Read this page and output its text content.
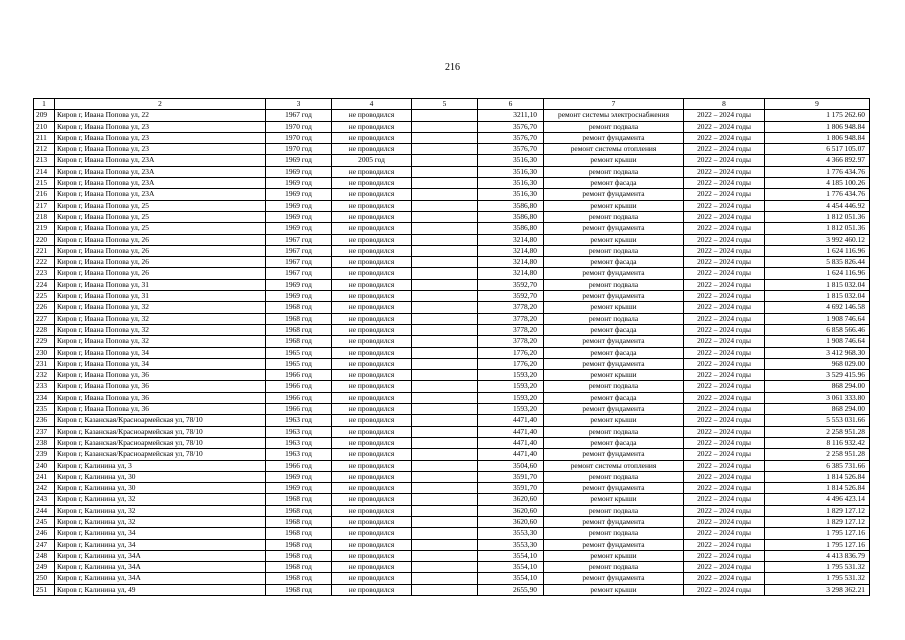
216
1	2	3	4	5	6	7	8	9
209	Киров г, Ивана Попова ул, 22	1967 год	не проводился		3211,10	ремонт системы электроснабжения	2022 – 2024 годы	1 175 262.60
210	Киров г, Ивана Попова ул, 23	1970 год	не проводился		3576,70	ремонт подвала	2022 – 2024 годы	1 806 948.84
211	Киров г, Ивана Попова ул, 23	1970 год	не проводился		3576,70	ремонт фундамента	2022 – 2024 годы	1 806 948.84
212	Киров г, Ивана Попова ул, 23	1970 год	не проводился		3576,70	ремонт системы отопления	2022 – 2024 годы	6 517 105.07
213	Киров г, Ивана Попова ул, 23А	1969 год	2005 год		3516,30	ремонт крыши	2022 – 2024 годы	4 366 892.97
214	Киров г, Ивана Попова ул, 23А	1969 год	не проводился		3516,30	ремонт подвала	2022 – 2024 годы	1 776 434.76
215	Киров г, Ивана Попова ул, 23А	1969 год	не проводился		3516,30	ремонт фасада	2022 – 2024 годы	4 185 100.26
216	Киров г, Ивана Попова ул, 23А	1969 год	не проводился		3516,30	ремонт фундамента	2022 – 2024 годы	1 776 434.76
217	Киров г, Ивана Попова ул, 25	1969 год	не проводился		3586,80	ремонт крыши	2022 – 2024 годы	4 454 446.92
218	Киров г, Ивана Попова ул, 25	1969 год	не проводился		3586,80	ремонт подвала	2022 – 2024 годы	1 812 051.36
219	Киров г, Ивана Попова ул, 25	1969 год	не проводился		3586,80	ремонт фундамента	2022 – 2024 годы	1 812 051.36
220	Киров г, Ивана Попова ул, 26	1967 год	не проводился		3214,80	ремонт крыши	2022 – 2024 годы	3 992 460.12
221	Киров г, Ивана Попова ул, 26	1967 год	не проводился		3214,80	ремонт подвала	2022 – 2024 годы	1 624 116.96
222	Киров г, Ивана Попова ул, 26	1967 год	не проводился		3214,80	ремонт фасада	2022 – 2024 годы	5 835 826.44
223	Киров г, Ивана Попова ул, 26	1967 год	не проводился		3214,80	ремонт фундамента	2022 – 2024 годы	1 624 116.96
224	Киров г, Ивана Попова ул, 31	1969 год	не проводился		3592,70	ремонт подвала	2022 – 2024 годы	1 815 032.04
225	Киров г, Ивана Попова ул, 31	1969 год	не проводился		3592,70	ремонт фундамента	2022 – 2024 годы	1 815 032.04
226	Киров г, Ивана Попова ул, 32	1968 год	не проводился		3778,20	ремонт крыши	2022 – 2024 годы	4 692 146.58
227	Киров г, Ивана Попова ул, 32	1968 год	не проводился		3778,20	ремонт подвала	2022 – 2024 годы	1 908 746.64
228	Киров г, Ивана Попова ул, 32	1968 год	не проводился		3778,20	ремонт фасада	2022 – 2024 годы	6 858 566.46
229	Киров г, Ивана Попова ул, 32	1968 год	не проводился		3778,20	ремонт фундамента	2022 – 2024 годы	1 908 746.64
230	Киров г, Ивана Попова ул, 34	1965 год	не проводился		1776,20	ремонт фасада	2022 – 2024 годы	3 412 968.30
231	Киров г, Ивана Попова ул, 34	1965 год	не проводился		1776,20	ремонт фундамента	2022 – 2024 годы	968 029.00
232	Киров г, Ивана Попова ул, 36	1966 год	не проводился		1593,20	ремонт крыши	2022 – 2024 годы	3 529 415.96
233	Киров г, Ивана Попова ул, 36	1966 год	не проводился		1593,20	ремонт подвала	2022 – 2024 годы	868 294.00
234	Киров г, Ивана Попова ул, 36	1966 год	не проводился		1593,20	ремонт фасада	2022 – 2024 годы	3 061 333.80
235	Киров г, Ивана Попова ул, 36	1966 год	не проводился		1593,20	ремонт фундамента	2022 – 2024 годы	868 294.00
236	Киров г, Казанская/Красноармейская ул, 78/10	1963 год	не проводился		4471,40	ремонт крыши	2022 – 2024 годы	5 553 031.66
237	Киров г, Казанская/Красноармейская ул, 78/10	1963 год	не проводился		4471,40	ремонт подвала	2022 – 2024 годы	2 258 951.28
238	Киров г, Казанская/Красноармейская ул, 78/10	1963 год	не проводился		4471,40	ремонт фасада	2022 – 2024 годы	8 116 932.42
239	Киров г, Казанская/Красноармейская ул, 78/10	1963 год	не проводился		4471,40	ремонт фундамента	2022 – 2024 годы	2 258 951.28
240	Киров г, Калинина ул, 3	1966 год	не проводился		3504,60	ремонт системы отопления	2022 – 2024 годы	6 385 731.66
241	Киров г, Калинина ул, 30	1969 год	не проводился		3591,70	ремонт подвала	2022 – 2024 годы	1 814 526.84
242	Киров г, Калинина ул, 30	1969 год	не проводился		3591,70	ремонт фундамента	2022 – 2024 годы	1 814 526.84
243	Киров г, Калинина ул, 32	1968 год	не проводился		3620,60	ремонт крыши	2022 – 2024 годы	4 496 423.14
244	Киров г, Калинина ул, 32	1968 год	не проводился		3620,60	ремонт подвала	2022 – 2024 годы	1 829 127.12
245	Киров г, Калинина ул, 32	1968 год	не проводился		3620,60	ремонт фундамента	2022 – 2024 годы	1 829 127.12
246	Киров г, Калинина ул, 34	1968 год	не проводился		3553,30	ремонт подвала	2022 – 2024 годы	1 795 127.16
247	Киров г, Калинина ул, 34	1968 год	не проводился		3553,30	ремонт фундамента	2022 – 2024 годы	1 795 127.16
248	Киров г, Калинина ул, 34А	1968 год	не проводился		3554,10	ремонт крыши	2022 – 2024 годы	4 413 836.79
249	Киров г, Калинина ул, 34А	1968 год	не проводился		3554,10	ремонт подвала	2022 – 2024 годы	1 795 531.32
250	Киров г, Калинина ул, 34А	1968 год	не проводился		3554,10	ремонт фундамента	2022 – 2024 годы	1 795 531.32
251	Киров г, Калинина ул, 49	1968 год	не проводился		2655,90	ремонт крыши	2022 – 2024 годы	3 298 362.21
